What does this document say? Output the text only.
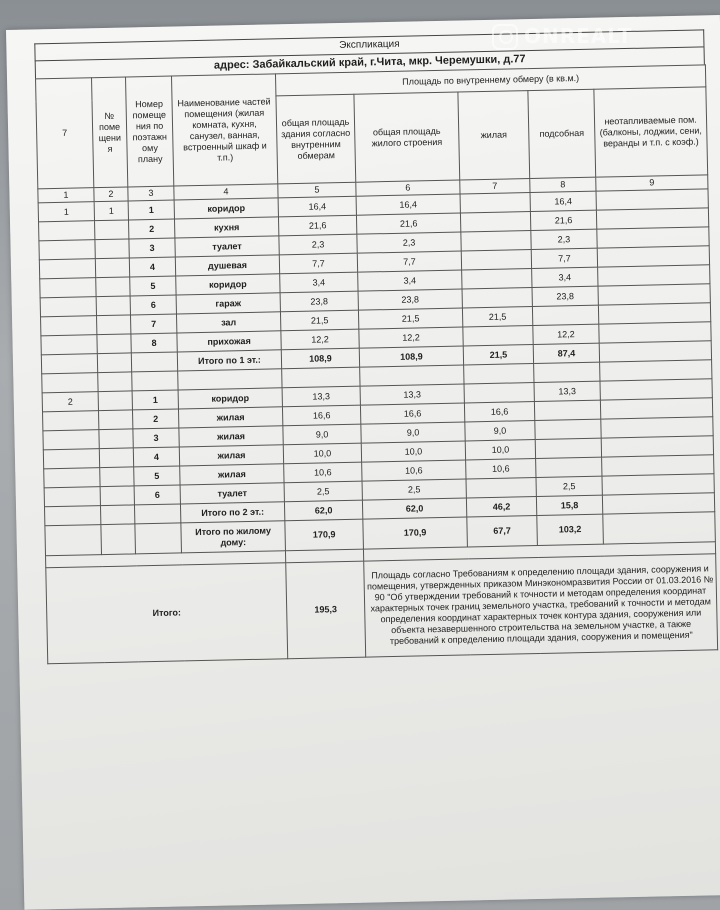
Экспликация
адрес: Забайкальский край, г.Чита, мкр. Черемушки, д.77
7	№ поме щени я	Номер помеще ния по поэтажн ому плану	Наименование частей помещения (жилая комната, кухня, санузел, ванная, встроенный шкаф и т.п.)	Площадь по внутреннему обмеру (в кв.м.)				
				общая площадь здания согласно внутренним обмерам	общая площадь жилого строения	жилая	подсобная	неотапливаемые пом. (балконы, лоджии, сени, веранды и т.п. с коэф.)
1	2	3	4	5	6	7	8	9
1	1	1	коридор	16,4	16,4		16,4	
		2	кухня	21,6	21,6		21,6	
		3	туалет	2,3	2,3		2,3	
		4	душевая	7,7	7,7		7,7	
		5	коридор	3,4	3,4		3,4	
		6	гараж	23,8	23,8		23,8	
		7	зал	21,5	21,5	21,5		
		8	прихожая	12,2	12,2		12,2	
			Итого по 1 эт.:	108,9	108,9	21,5	87,4	

2		1	коридор	13,3	13,3		13,3	
		2	жилая	16,6	16,6	16,6		
		3	жилая	9,0	9,0	9,0		
		4	жилая	10,0	10,0	10,0		
		5	жилая	10,6	10,6	10,6		
		6	туалет	2,5	2,5		2,5	
			Итого по 2 эт.:	62,0	62,0	46,2	15,8	
			Итого по жилому дому:	170,9	170,9	67,7	103,2	

Итого:				195,3	Площадь согласно Требованиям к определению площади здания, сооружения и помещения, утвержденных приказом Минэкономразвития России от 01.03.2016 № 90 "Об утверждении требований к точности и методам определения координат характерных точек границ земельного участка, требований к точности и методам определения координат характерных точек контура здания, сооружения или объекта незавершенного строительства на земельном участке, а также требований к определению площади здания, сооружения и помещения"			
ONREALT
